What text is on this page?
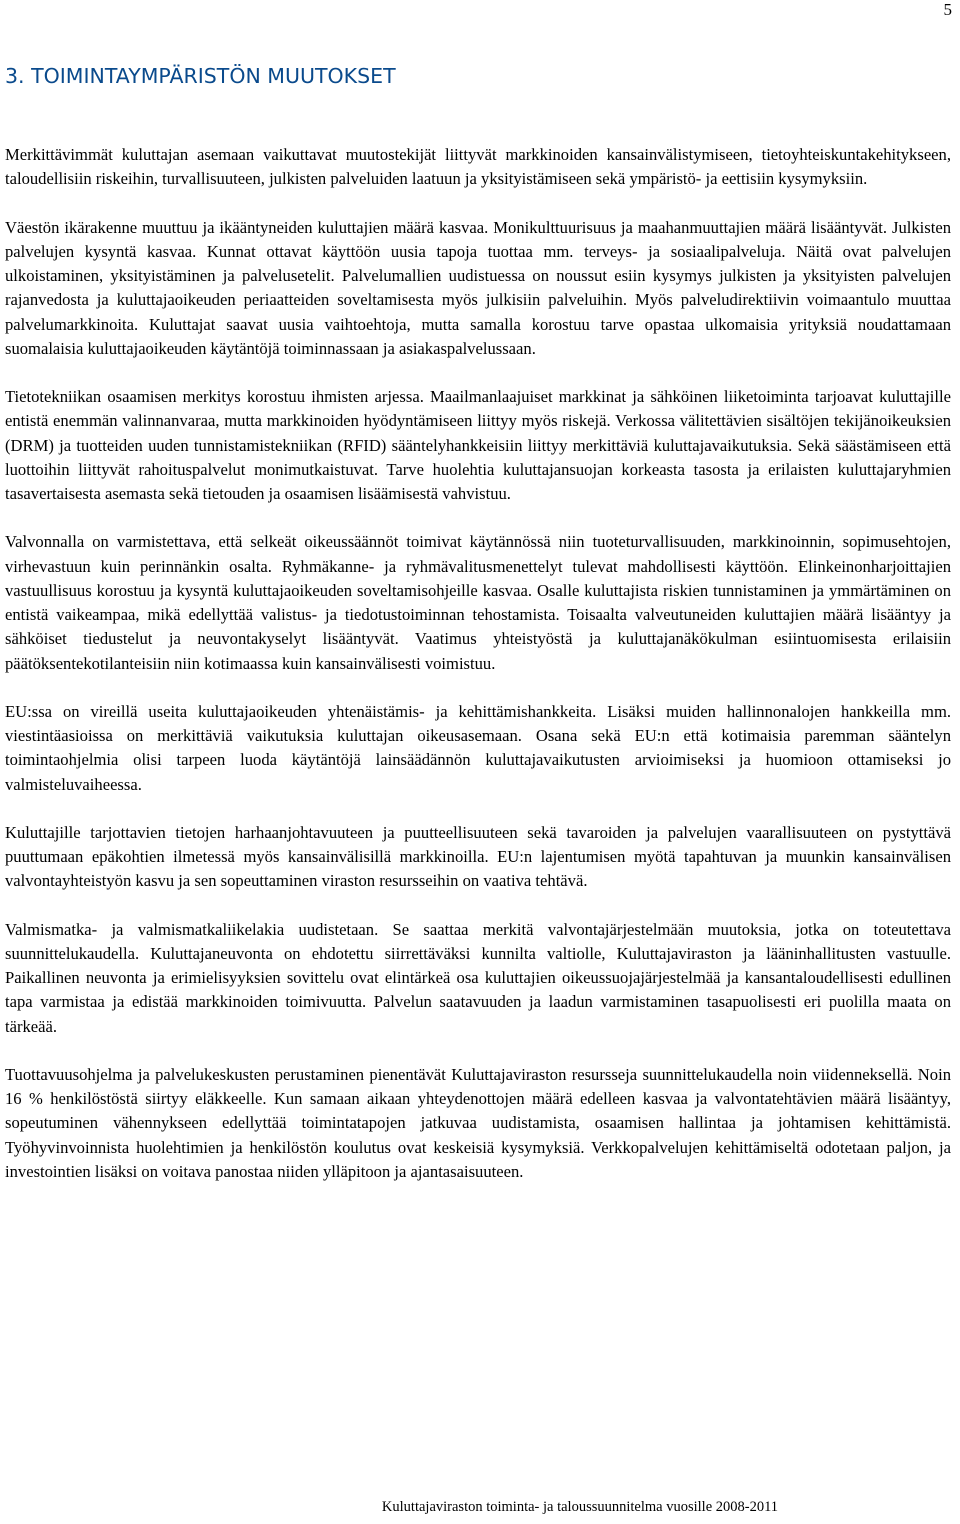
5
3. TOIMINTAYMPÄRISTÖN MUUTOKSET

Merkittävimmät kuluttajan asemaan vaikuttavat muutostekijät liittyvät markkinoiden kansainvälistymiseen, tietoyhteiskuntakehitykseen, taloudellisiin riskeihin, turvallisuuteen, julkisten palveluiden laatuun ja yksityistämiseen sekä ympäristö- ja eettisiin kysymyksiin.

Väestön ikärakenne muuttuu ja ikääntyneiden kuluttajien määrä kasvaa. Monikulttuurisuus ja maahanmuuttajien määrä lisääntyvät. Julkisten palvelujen kysyntä kasvaa. Kunnat ottavat käyttöön uusia tapoja tuottaa mm. terveys- ja sosiaalipalveluja. Näitä ovat palvelujen ulkoistaminen, yksityistäminen ja palvelusetelit. Palvelumallien uudistuessa on noussut esiin kysymys julkisten ja yksityisten palvelujen rajanvedosta ja kuluttajaoikeuden periaatteiden soveltamisesta myös julkisiin palveluihin. Myös palveludirektiivin voimaantulo muuttaa palvelumarkkinoita. Kuluttajat saavat uusia vaihtoehtoja, mutta samalla korostuu tarve opastaa ulkomaisia yrityksiä noudattamaan suomalaisia kuluttajaoikeuden käytäntöjä toiminnassaan ja asiakaspalvelussaan.

Tietotekniikan osaamisen merkitys korostuu ihmisten arjessa. Maailmanlaajuiset markkinat ja sähköinen liiketoiminta tarjoavat kuluttajille entistä enemmän valinnanvaraa, mutta markkinoiden hyödyntämiseen liittyy myös riskejä. Verkossa välitettävien sisältöjen tekijänoikeuksien (DRM) ja tuotteiden uuden tunnistamistekniikan (RFID) sääntelyhankkeisiin liittyy merkittäviä kuluttajavaikutuksia. Sekä säästämiseen että luottoihin liittyvät rahoituspalvelut monimutkaistuvat. Tarve huolehtia kuluttajansuojan korkeasta tasosta ja erilaisten kuluttajaryhmien tasavertaisesta asemasta sekä tietouden ja osaamisen lisäämisestä vahvistuu.

Valvonnalla on varmistettava, että selkeät oikeussäännöt toimivat käytännössä niin tuoteturvallisuuden, markkinoinnin, sopimusehtojen, virhevastuun kuin perinnänkin osalta. Ryhmäkanne- ja ryhmävalitusmenettelyt tulevat mahdollisesti käyttöön. Elinkeinonharjoittajien vastuullisuus korostuu ja kysyntä kuluttajaoikeuden soveltamisohjeille kasvaa. Osalle kuluttajista riskien tunnistaminen ja ymmärtäminen on entistä vaikeampaa, mikä edellyttää valistus- ja tiedotustoiminnan tehostamista. Toisaalta valveutuneiden kuluttajien määrä lisääntyy ja sähköiset tiedustelut ja neuvontakyselyt lisääntyvät. Vaatimus yhteistyöstä ja kuluttajanäkökulman esiintuomisesta erilaisiin päätöksentekotilanteisiin niin kotimaassa kuin kansainvälisesti voimistuu.

EU:ssa on vireillä useita kuluttajaoikeuden yhtenäistämis- ja kehittämishankkeita. Lisäksi muiden hallinnonalojen hankkeilla mm. viestintäasioissa on merkittäviä vaikutuksia kuluttajan oikeusasemaan. Osana sekä EU:n että kotimaisia paremman sääntelyn toimintaohjelmia olisi tarpeen luoda käytäntöjä lainsäädännön kuluttajavaikutusten arvioimiseksi ja huomioon ottamiseksi jo valmisteluvaiheessa.

Kuluttajille tarjottavien tietojen harhaanjohtavuuteen ja puutteellisuuteen sekä tavaroiden ja palvelujen vaarallisuuteen on pystyttävä puuttumaan epäkohtien ilmetessä myös kansainvälisillä markkinoilla. EU:n lajentumisen myötä tapahtuvan ja muunkin kansainvälisen valvontayhteistyön kasvu ja sen sopeuttaminen viraston resursseihin on vaativa tehtävä.

Valmismatka- ja valmismatkaliikelakia uudistetaan. Se saattaa merkitä valvontajärjestelmään muutoksia, jotka on toteutettava suunnittelukaudella. Kuluttajaneuvonta on ehdotettu siirrettäväksi kunnilta valtiolle, Kuluttajaviraston ja lääninhallitusten vastuulle. Paikallinen neuvonta ja erimielisyyksien sovittelu ovat elintärkeä osa kuluttajien oikeussuojajärjestelmää ja kansantaloudellisesti edullinen tapa varmistaa ja edistää markkinoiden toimivuutta. Palvelun saatavuuden ja laadun varmistaminen tasapuolisesti eri puolilla maata on tärkeää.

Tuottavuusohjelma ja palvelukeskusten perustaminen pienentävät Kuluttajaviraston resursseja suunnittelukaudella noin viidenneksellä. Noin 16 % henkilöstöstä siirtyy eläkkeelle. Kun samaan aikaan yhteydenottojen määrä edelleen kasvaa ja valvontatehtävien määrä lisääntyy, sopeutuminen vähennykseen edellyttää toimintatapojen jatkuvaa uudistamista, osaamisen hallintaa ja johtamisen kehittämistä. Työhyvinvoinnista huolehtimien ja henkilöstön koulutus ovat keskeisiä kysymyksiä. Verkkopalvelujen kehittämiseltä odotetaan paljon, ja investointien lisäksi on voitava panostaa niiden ylläpitoon ja ajantasaisuuteen.

Kuluttajaviraston toiminta- ja taloussuunnitelma vuosille 2008-2011
